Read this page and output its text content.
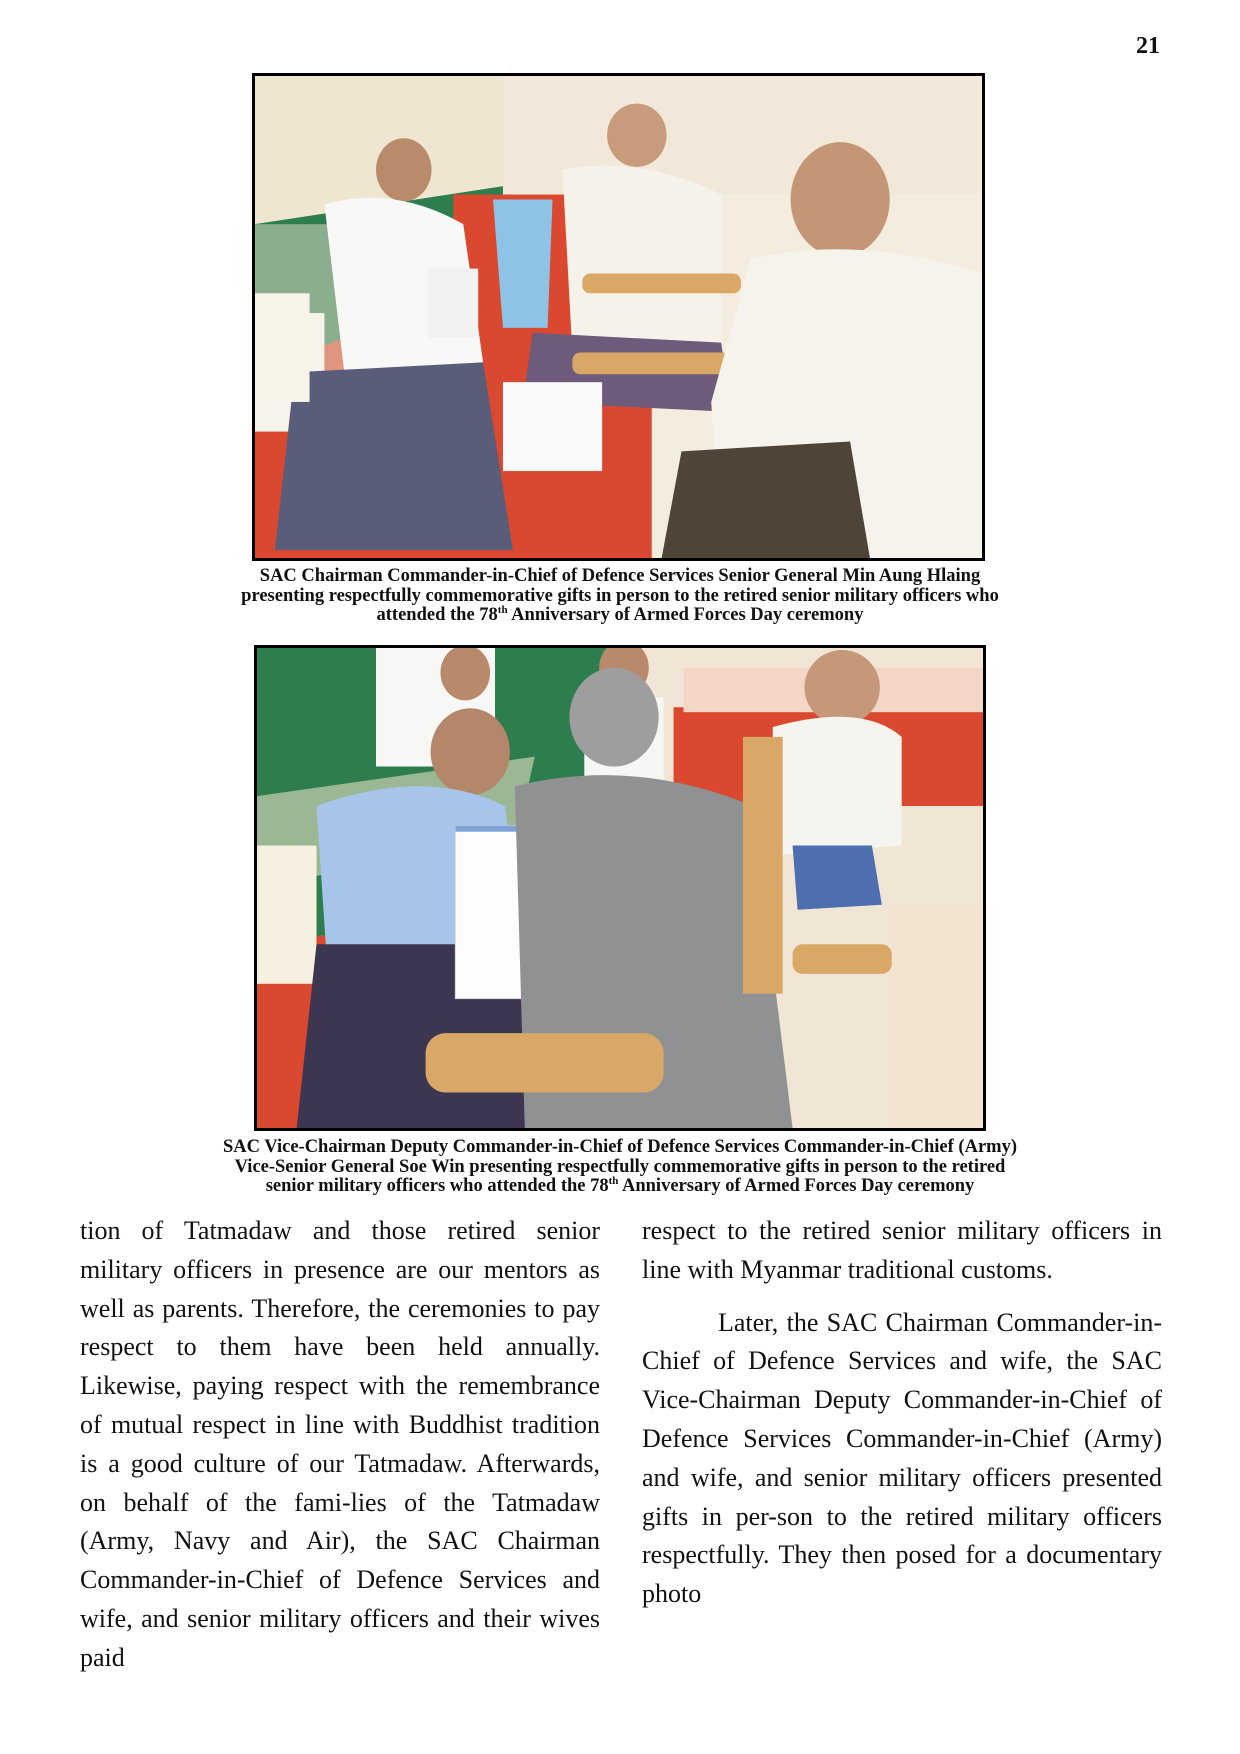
21
SAC Chairman Commander-in-Chief of Defence Services Senior General Min Aung Hlaing
presenting respectfully commemorative gifts in person to the retired senior military officers who
attended the 78th Anniversary of Armed Forces Day ceremony
SAC Vice-Chairman Deputy Commander-in-Chief of Defence Services Commander-in-Chief (Army)
Vice-Senior General Soe Win presenting respectfully commemorative gifts in person to the retired
senior military officers who attended the 78th Anniversary of Armed Forces Day ceremony

tion of Tatmadaw and those retired senior military officers in presence are our mentors as well as parents. Therefore, the ceremonies to pay respect to them have been held annually. Likewise, paying respect with the remembrance of mutual respect in line with Buddhist tradition is a good culture of our Tatmadaw. Afterwards, on behalf of the fami-lies of the Tatmadaw (Army, Navy and Air), the SAC Chairman Commander-in-Chief of Defence Services and wife, and senior military officers and their wives paid

respect to the retired senior military officers in line with Myanmar traditional customs.

Later, the SAC Chairman Commander-in-Chief of Defence Services and wife, the SAC Vice-Chairman Deputy Commander-in-Chief of Defence Services Commander-in-Chief (Army) and wife, and senior military officers presented gifts in per-son to the retired military officers respectfully. They then posed for a documentary photo
